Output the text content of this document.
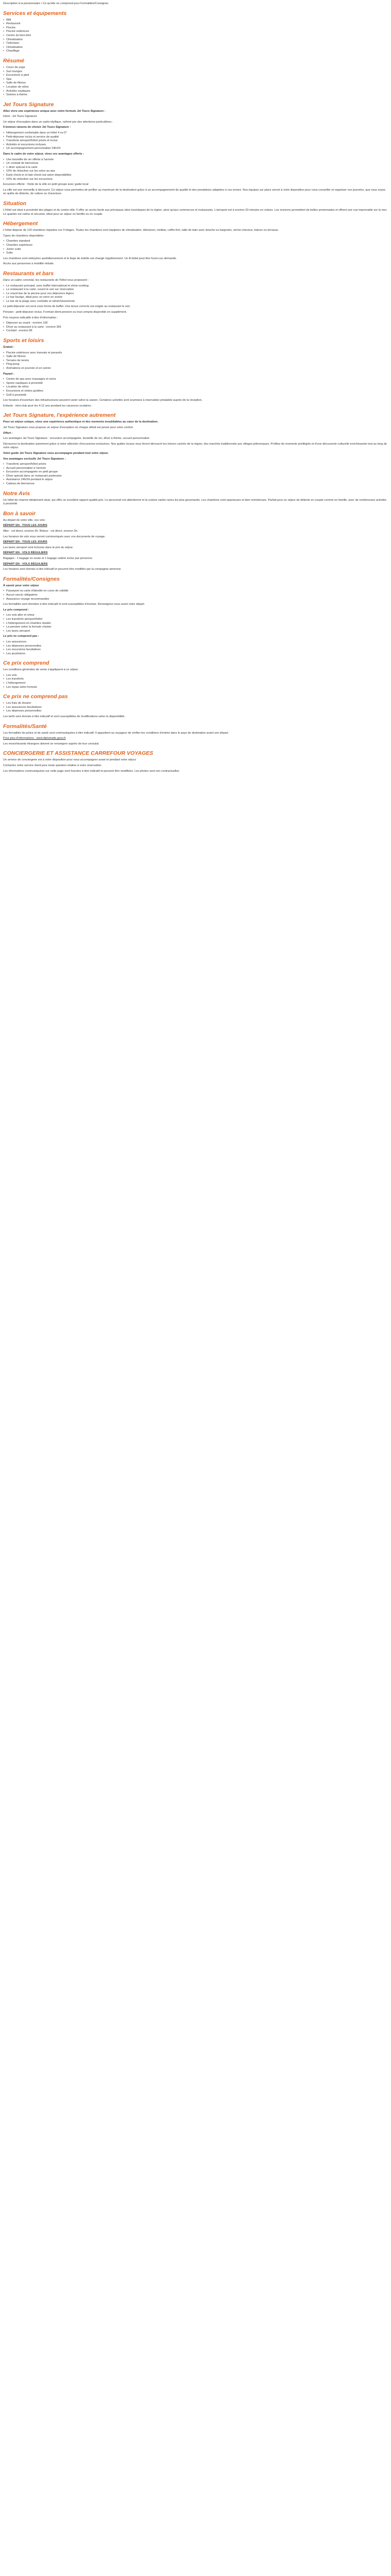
Description à la pensionnaire / Ce qu'elle ne comprend pour Formalités/Consignes

Services et équipements
• Wifi
• Restaurant
• Piscine
• Piscine extérieure
• Centre de bien-être
• Climatisation
• Télévision
• Climatisation
• Chauffage
Résumé
• Cours de yoga
• Sun lounges
• Excursions à pied
• Spa
• Salle de fitness
• Location de vélos
• Activités nautiques
• Soirées à thème
Jet Tours Signature

Allez vivre une expérience unique avec notre formule Jet Tours Signature :

Hotel : Jet Tours Signature

Un séjour d'exception dans un cadre idyllique, rythmé par des attentions particulières :

5 bonnes raisons de choisir Jet Tours Signature :

• Hébergement confortable dans un hôtel 4 ou 5*
• Petit-déjeuner inclus et service de qualité
• Transferts aéroport/hôtel privés et inclus
• Activités et excursions incluses
• Un accompagnement personnalisé 24h/24

Dans le cadre de votre séjour, vivez ces avantages offerts :

• Une bouteille de vin offerte à l'arrivée
• Un cocktail de bienvenue
• 1 diner spécial à la carte
• 10% de réduction sur les soins au spa
• Early check-in et late check-out selon disponibilités
• 10% de réduction sur les excursions

Excursion offerte : Visite de la ville en petit groupe avec guide local

La ville est une merveille à découvrir. Ce séjour vous permettra de profiter au maximum de la destination grâce à un accompagnement de qualité et des prestations adaptées à vos envies. Nos équipes sur place seront à votre disposition pour vous conseiller et organiser vos journées, que vous soyez en quête de détente, de culture ou d'aventure.

Situation

L'hôtel est situé à proximité des plages et du centre-ville. Il offre un accès facile aux principaux sites touristiques de la région, ainsi qu'aux commerces et restaurants. L'aéroport est à environ 20 minutes en voiture. Les environs permettent de belles promenades et offrent une vue imprenable sur la mer. Le quartier est calme et sécurisé, idéal pour un séjour en famille ou en couple.

Hébergement

L'hôtel dispose de 120 chambres réparties sur 4 étages. Toutes les chambres sont équipées de climatisation, télévision, minibar, coffre-fort, salle de bain avec douche ou baignoire, sèche-cheveux, balcon ou terrasse.

Types de chambres disponibles :

• Chambre standard
• Chambre supérieure
• Junior suite
• Suite

Les chambres sont nettoyées quotidiennement et le linge de toilette est changé régulièrement. Un lit bébé peut être fourni sur demande.

Accès aux personnes à mobilité réduite.

Restaurants et bars

Dans un cadre convivial, les restaurants de l'hôtel vous proposent :

• Le restaurant principal, avec buffet international et show-cooking
• Le restaurant à la carte, ouvert le soir sur réservation
• Le snack-bar de la piscine pour vos déjeuners légers
• Le bar-lounge, idéal pour un verre en soirée
• Le bar de la plage avec cocktails et rafraîchissements

Le petit-déjeuner est servi sous forme de buffet. Une tenue correcte est exigée au restaurant le soir.

Pension : petit-déjeuner inclus. Formule demi-pension ou tout compris disponible en supplément.

Prix moyens indicatifs à titre d'information :

• Déjeuner au snack : environ 15€
• Dîner au restaurant à la carte : environ 35€
• Cocktail : environ 8€
Sports et loisirs

Gratuit :

• Piscine extérieure avec transats et parasols
• Salle de fitness
• Terrains de tennis
• Ping-pong
• Animations en journée et en soirée

Payant :

• Centre de spa avec massages et soins
• Sports nautiques à proximité
• Location de vélos
• Excursions et visites guidées
• Golf à proximité

Les horaires d'ouverture des infrastructures peuvent varier selon la saison. Certaines activités sont soumises à réservation préalable auprès de la réception.

Enfants : mini-club pour les 4-12 ans pendant les vacances scolaires.

Jet Tours Signature, l'expérience autrement

Pour un séjour unique, vivez une expérience authentique et des moments inoubliables au cœur de la destination.

Jet Tours Signature vous propose un séjour d'exception où chaque détail est pensé pour votre confort.

Offert :

Les avantages Jet Tours Signature : excursion accompagnée, bouteille de vin, dîner à thème, accueil personnalisé.

Découvrez la destination autrement grâce à notre sélection d'excursions exclusives. Nos guides locaux vous feront découvrir les trésors cachés de la région, des marchés traditionnels aux villages pittoresques. Profitez de moments privilégiés et d'une découverte culturelle enrichissante tout au long de votre séjour.

Votre guide Jet Tours Signature vous accompagne pendant tout votre séjour.

Vos avantages exclusifs Jet Tours Signature :

• Transferts aéroport/hôtel privés
• Accueil personnalisé à l'arrivée
• Excursion accompagnée en petit groupe
• Dîner spécial dans un restaurant partenaire
• Assistance 24h/24 pendant le séjour
• Cadeau de bienvenue
Notre Avis

Un hôtel de charme idéalement situé, qui offre un excellent rapport qualité-prix. Le personnel est attentionné et la cuisine variée ravira les plus gourmands. Les chambres sont spacieuses et bien entretenues. Parfait pour un séjour de détente en couple comme en famille, avec de nombreuses activités à proximité.

Bon à savoir

Au départ de votre ville, vos vols :

DÉPART EN - TOUS LES JOURS

Aller : vol direct, environ 3h. Retour : vol direct, environ 3h.

Les horaires de vols vous seront communiqués avec vos documents de voyage.

DÉPART EN - TOUS LES JOURS

Les taxes aéroport sont incluses dans le prix du séjour.

DÉPART EN - VOLS RÉGULIERS

Bagages : 1 bagage en soute et 1 bagage cabine inclus par personne.

DÉPART EN - VOLS RÉGULIERS

Les horaires sont donnés à titre indicatif et peuvent être modifiés par la compagnie aérienne.

Formalités/Consignes

À savoir pour votre séjour

• Passeport ou carte d'identité en cours de validité
• Aucun vaccin obligatoire
• Assurance voyage recommandée

Les formalités sont données à titre indicatif et sont susceptibles d'évoluer. Renseignez-vous avant votre départ.

Le prix comprend :

• Les vols aller et retour
• Les transferts aéroport/hôtel
• L'hébergement en chambre double
• La pension selon la formule choisie
• Les taxes aéroport

Le prix ne comprend pas :

• Les assurances
• Les dépenses personnelles
• Les excursions facultatives
• Les pourboires
Ce prix comprend

Les conditions générales de vente s'appliquent à ce séjour.

• Les vols
• Les transferts
• L'hébergement
• Les repas selon formule
Ce prix ne comprend pas
• Les frais de dossier
• Les assurances facultatives
• Les dépenses personnelles

Les tarifs sont donnés à titre indicatif et sont susceptibles de modifications selon la disponibilité.

Formalités/Santé

Les formalités de police et de santé sont communiquées à titre indicatif. Il appartient au voyageur de vérifier les conditions d'entrée dans le pays de destination avant son départ.

Pour plus d'informations : www.diplomatie.gouv.fr

Les ressortissants étrangers doivent se renseigner auprès de leur consulat.

CONCIERGERIE ET ASSISTANCE CARREFOUR VOYAGES

Un service de conciergerie est à votre disposition pour vous accompagner avant et pendant votre séjour.

Contactez notre service client pour toute question relative à votre réservation.

Les informations communiquées sur cette page sont fournies à titre indicatif et peuvent être modifiées. Les photos sont non contractuelles.
